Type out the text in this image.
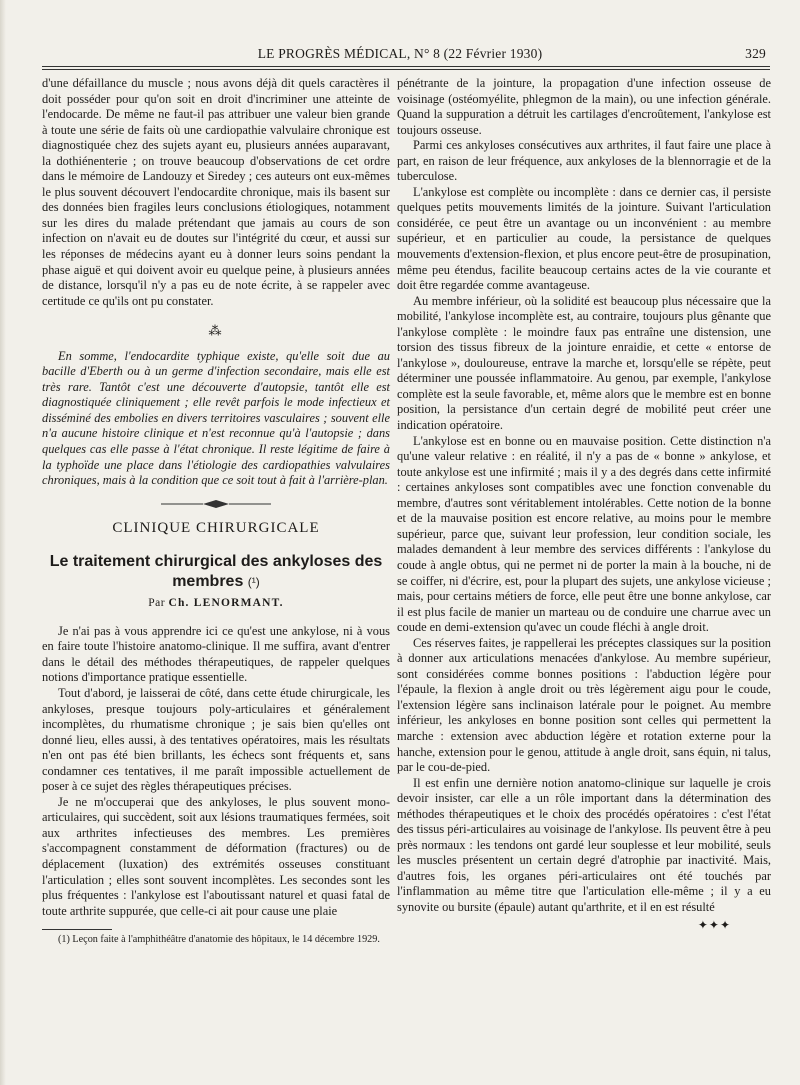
LE PROGRÈS MÉDICAL, N° 8 (22 Février 1930)	329

d'une défaillance du muscle ; nous avons déjà dit quels caractères il doit posséder pour qu'on soit en droit d'incriminer une atteinte de l'endocarde. De même ne faut-il pas attribuer une valeur bien grande à toute une série de faits où une cardiopathie valvulaire chronique est diagnostiquée chez des sujets ayant eu, plusieurs années auparavant, la dothiénenterie ; on trouve beaucoup d'observations de cet ordre dans le mémoire de Landouzy et Siredey ; ces auteurs ont eux-mêmes le plus souvent découvert l'endocardite chronique, mais ils basent sur des données bien fragiles leurs conclusions étiologiques, notamment sur les dires du malade prétendant que jamais au cours de son infection on n'avait eu de doutes sur l'intégrité du cœur, et aussi sur les réponses de médecins ayant eu à donner leurs soins pendant la phase aiguë et qui doivent avoir eu quelque peine, à plusieurs années de distance, lorsqu'il n'y a pas eu de note écrite, à se rappeler avec certitude ce qu'ils ont pu constater.

⁂

En somme, l'endocardite typhique existe, qu'elle soit due au bacille d'Eberth ou à un germe d'infection secondaire, mais elle est très rare. Tantôt c'est une découverte d'autopsie, tantôt elle est diagnostiquée cliniquement ; elle revêt parfois le mode infectieux et disséminé des embolies en divers territoires vasculaires ; souvent elle n'a aucune histoire clinique et n'est reconnue qu'à l'autopsie ; dans quelques cas elle passe à l'état chronique. Il reste légitime de faire à la typhoïde une place dans l'étiologie des cardiopathies valvulaires chroniques, mais à la condition que ce soit tout à fait à l'arrière-plan.

CLINIQUE CHIRURGICALE
Le traitement chirurgical des ankyloses des membres (¹)
Par Ch. LENORMANT.

Je n'ai pas à vous apprendre ici ce qu'est une ankylose, ni à vous en faire toute l'histoire anatomo-clinique. Il me suffira, avant d'entrer dans le détail des méthodes thérapeutiques, de rappeler quelques notions d'importance pratique essentielle.

Tout d'abord, je laisserai de côté, dans cette étude chirurgicale, les ankyloses, presque toujours poly-articulaires et généralement incomplètes, du rhumatisme chronique ; je sais bien qu'elles ont donné lieu, elles aussi, à des tentatives opératoires, mais les résultats n'en ont pas été bien brillants, les échecs sont fréquents et, sans condamner ces tentatives, il me paraît impossible actuellement de poser à ce sujet des règles thérapeutiques précises.

Je ne m'occuperai que des ankyloses, le plus souvent mono-articulaires, qui succèdent, soit aux lésions traumatiques fermées, soit aux arthrites infectieuses des membres. Les premières s'accompagnent constamment de déformation (fractures) ou de déplacement (luxation) des extrémités osseuses constituant l'articulation ; elles sont souvent incomplètes. Les secondes sont les plus fréquentes : l'ankylose est l'aboutissant naturel et quasi fatal de toute arthrite suppurée, que celle-ci ait pour cause une plaie

(1) Leçon faite à l'amphithéâtre d'anatomie des hôpitaux, le 14 décembre 1929.

pénétrante de la jointure, la propagation d'une infection osseuse de voisinage (ostéomyélite, phlegmon de la main), ou une infection générale. Quand la suppuration a détruit les cartilages d'encroûtement, l'ankylose est toujours osseuse.

Parmi ces ankyloses consécutives aux arthrites, il faut faire une place à part, en raison de leur fréquence, aux ankyloses de la blennorragie et de la tuberculose.

L'ankylose est complète ou incomplète : dans ce dernier cas, il persiste quelques petits mouvements limités de la jointure. Suivant l'articulation considérée, ce peut être un avantage ou un inconvénient : au membre supérieur, et en particulier au coude, la persistance de quelques mouvements d'extension-flexion, et plus encore peut-être de prosupination, même peu étendus, facilite beaucoup certains actes de la vie courante et doit être regardée comme avantageuse.

Au membre inférieur, où la solidité est beaucoup plus nécessaire que la mobilité, l'ankylose incomplète est, au contraire, toujours plus gênante que l'ankylose complète : le moindre faux pas entraîne une distension, une torsion des tissus fibreux de la jointure enraidie, et cette « entorse de l'ankylose », douloureuse, entrave la marche et, lorsqu'elle se répète, peut déterminer une poussée inflammatoire. Au genou, par exemple, l'ankylose complète est la seule favorable, et, même alors que le membre est en bonne position, la persistance d'un certain degré de mobilité peut créer une indication opératoire.

L'ankylose est en bonne ou en mauvaise position. Cette distinction n'a qu'une valeur relative : en réalité, il n'y a pas de « bonne » ankylose, et toute ankylose est une infirmité ; mais il y a des degrés dans cette infirmité : certaines ankyloses sont compatibles avec une fonction convenable du membre, d'autres sont véritablement intolérables. Cette notion de la bonne et de la mauvaise position est encore relative, au moins pour le membre supérieur, parce que, suivant leur profession, leur condition sociale, les malades demandent à leur membre des services différents : l'ankylose du coude à angle obtus, qui ne permet ni de porter la main à la bouche, ni de se coiffer, ni d'écrire, est, pour la plupart des sujets, une ankylose vicieuse ; mais, pour certains métiers de force, elle peut être une bonne ankylose, car il est plus facile de manier un marteau ou de conduire une charrue avec un coude en demi-extension qu'avec un coude fléchi à angle droit.

Ces réserves faites, je rappellerai les préceptes classiques sur la position à donner aux articulations menacées d'ankylose. Au membre supérieur, sont considérées comme bonnes positions : l'abduction légère pour l'épaule, la flexion à angle droit ou très légèrement aigu pour le coude, l'extension légère sans inclinaison latérale pour le poignet. Au membre inférieur, les ankyloses en bonne position sont celles qui permettent la marche : extension avec abduction légère et rotation externe pour la hanche, extension pour le genou, attitude à angle droit, sans équin, ni talus, par le cou-de-pied.

Il est enfin une dernière notion anatomo-clinique sur laquelle je crois devoir insister, car elle a un rôle important dans la détermination des méthodes thérapeutiques et le choix des procédés opératoires : c'est l'état des tissus péri-articulaires au voisinage de l'ankylose. Ils peuvent être à peu près normaux : les tendons ont gardé leur souplesse et leur mobilité, seuls les muscles présentent un certain degré d'atrophie par inactivité. Mais, d'autres fois, les organes péri-articulaires ont été touchés par l'inflammation au même titre que l'articulation elle-même ; il y a eu synovite ou bursite (épaule) autant qu'arthrite, et il en est résulté

✦✦✦
